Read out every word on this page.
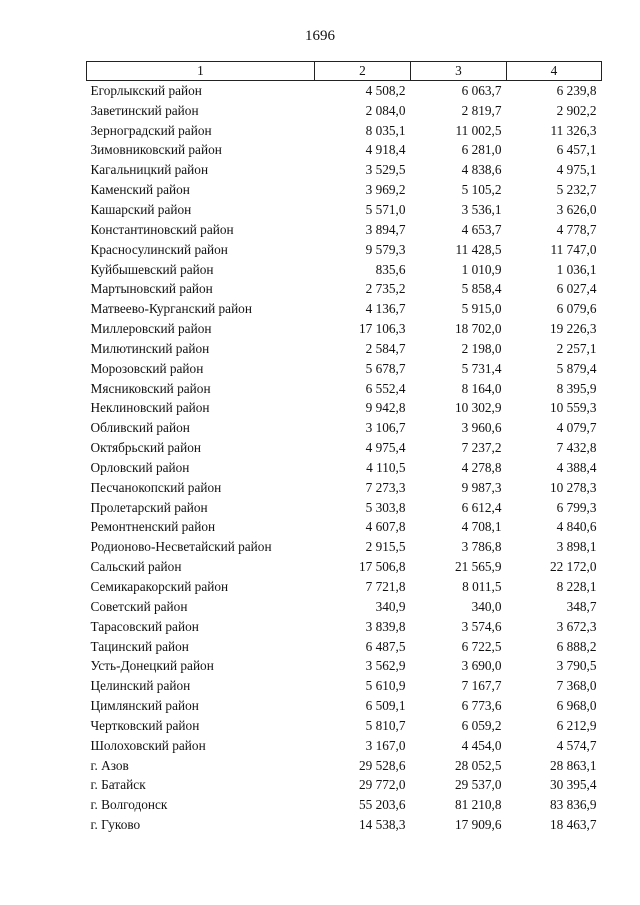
1696
1	2	3	4
Егорлыкский район	4 508,2	6 063,7	6 239,8
Заветинский район	2 084,0	2 819,7	2 902,2
Зерноградский район	8 035,1	11 002,5	11 326,3
Зимовниковский район	4 918,4	6 281,0	6 457,1
Кагальницкий район	3 529,5	4 838,6	4 975,1
Каменский район	3 969,2	5 105,2	5 232,7
Кашарский район	5 571,0	3 536,1	3 626,0
Константиновский район	3 894,7	4 653,7	4 778,7
Красносулинский район	9 579,3	11 428,5	11 747,0
Куйбышевский район	835,6	1 010,9	1 036,1
Мартыновский район	2 735,2	5 858,4	6 027,4
Матвеево-Курганский район	4 136,7	5 915,0	6 079,6
Миллеровский район	17 106,3	18 702,0	19 226,3
Милютинский район	2 584,7	2 198,0	2 257,1
Морозовский район	5 678,7	5 731,4	5 879,4
Мясниковский район	6 552,4	8 164,0	8 395,9
Неклиновский район	9 942,8	10 302,9	10 559,3
Обливский район	3 106,7	3 960,6	4 079,7
Октябрьский район	4 975,4	7 237,2	7 432,8
Орловский район	4 110,5	4 278,8	4 388,4
Песчанокопский район	7 273,3	9 987,3	10 278,3
Пролетарский район	5 303,8	6 612,4	6 799,3
Ремонтненский район	4 607,8	4 708,1	4 840,6
Родионово-Несветайский район	2 915,5	3 786,8	3 898,1
Сальский район	17 506,8	21 565,9	22 172,0
Семикаракорский район	7 721,8	8 011,5	8 228,1
Советский район	340,9	340,0	348,7
Тарасовский район	3 839,8	3 574,6	3 672,3
Тацинский район	6 487,5	6 722,5	6 888,2
Усть-Донецкий район	3 562,9	3 690,0	3 790,5
Целинский район	5 610,9	7 167,7	7 368,0
Цимлянский район	6 509,1	6 773,6	6 968,0
Чертковский район	5 810,7	6 059,2	6 212,9
Шолоховский район	3 167,0	4 454,0	4 574,7
г. Азов	29 528,6	28 052,5	28 863,1
г. Батайск	29 772,0	29 537,0	30 395,4
г. Волгодонск	55 203,6	81 210,8	83 836,9
г. Гуково	14 538,3	17 909,6	18 463,7
